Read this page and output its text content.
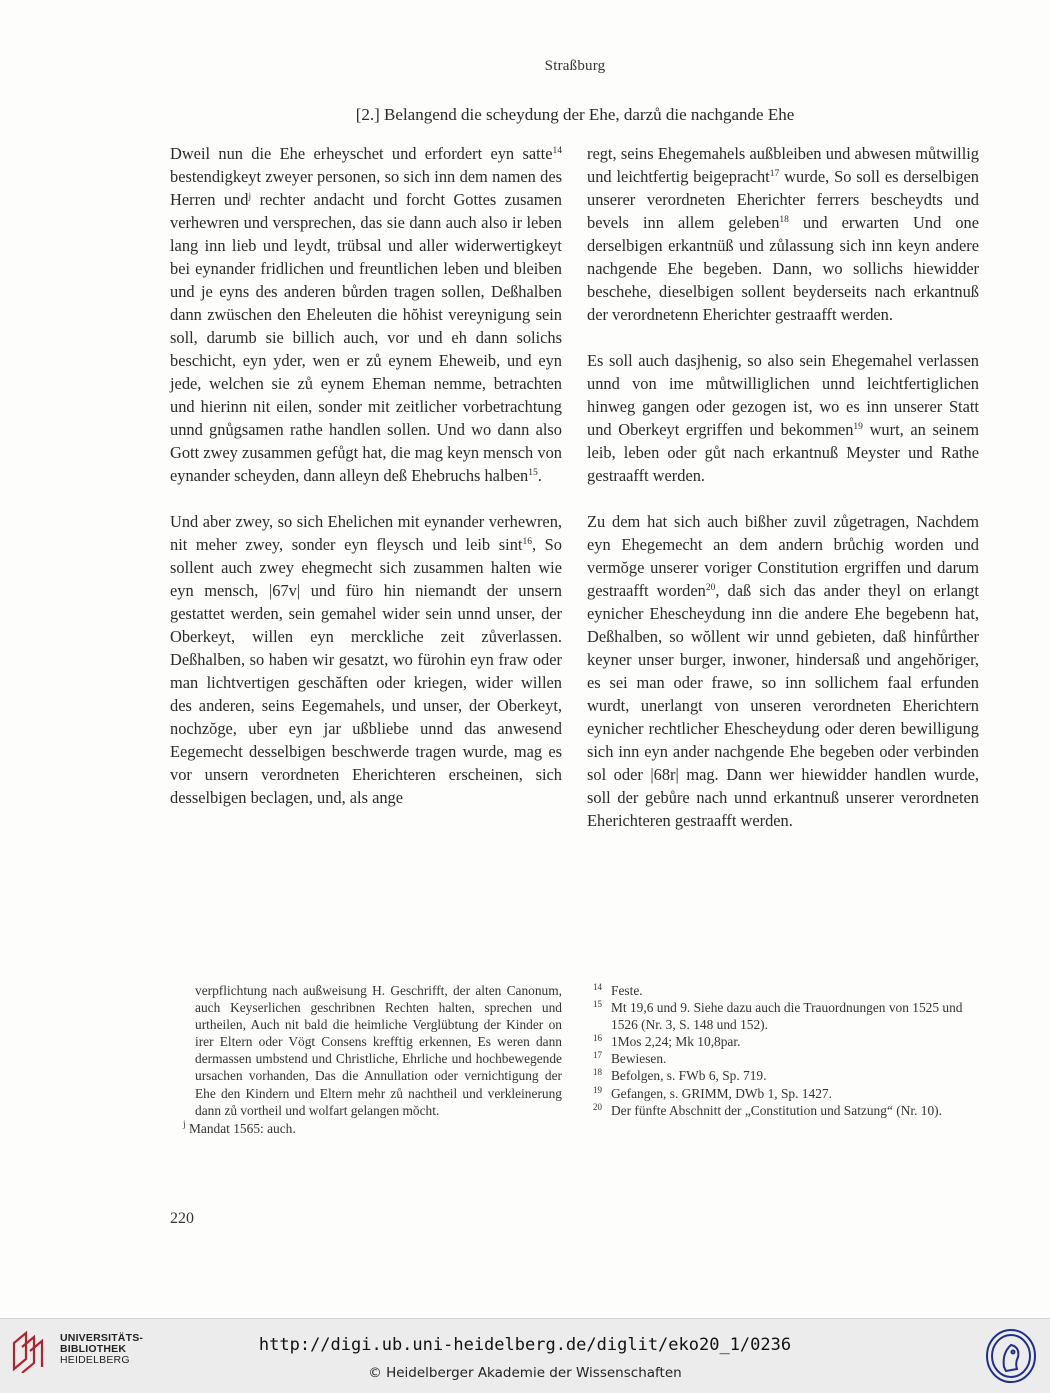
Straßburg
[2.] Belangend die scheydung der Ehe, darzů die nachgande Ehe

Dweil nun die Ehe erheyschet und erfordert eyn satte$^{14}$ bestendigkeyt zweyer personen, so sich inn dem namen des Herren und$^j$ rechter andacht und forcht Gottes zusamen verhewren und versprechen, das sie dann auch also ir leben lang inn lieb und leydt, trübsal und aller widerwertigkeyt bei eynander fridlichen und freuntlichen leben und bleiben und je eyns des anderen bůrden tragen sollen, Deßhalben dann zwüschen den Eheleuten die hŏhist vereynigung sein soll, darumb sie billich auch, vor und eh dann solichs beschicht, eyn yder, wen er zů eynem Eheweib, und eyn jede, welchen sie zů eynem Eheman nemme, betrachten und hierinn nit eilen, sonder mit zeitlicher vorbetrachtung unnd gnůgsamen rathe handlen sollen. Und wo dann also Gott zwey zusammen gefůgt hat, die mag keyn mensch von eynander scheyden, dann alleyn deß Ehebruchs halben$^{15}$.

Und aber zwey, so sich Ehelichen mit eynander verhewren, nit meher zwey, sonder eyn fleysch und leib sint$^{16}$, So sollent auch zwey ehegmecht sich zusammen halten wie eyn mensch, |67v| und füro hin niemandt der unsern gestattet werden, sein gemahel wider sein unnd unser, der Oberkeyt, willen eyn merckliche zeit zůverlassen. Deßhalben, so haben wir gesatzt, wo fürohin eyn fraw oder man lichtvertigen geschăften oder kriegen, wider willen des anderen, seins Eegemahels, und unser, der Oberkeyt, nochzŏge, uber eyn jar ußbliebe unnd das anwesend Eegemecht desselbigen beschwerde tragen wurde, mag es vor unsern verordneten Eherichteren erscheinen, sich desselbigen beclagen, und, als ange

regt, seins Ehegemahels außbleiben und abwesen můtwillig und leichtfertig beigepracht$^{17}$ wurde, So soll es derselbigen unserer verordneten Eherichter ferrers bescheydts und bevels inn allem geleben$^{18}$ und erwarten Und one derselbigen erkantnüß und zůlassung sich inn keyn andere nachgende Ehe begeben. Dann, wo sollichs hiewidder beschehe, dieselbigen sollent beyderseits nach erkantnuß der verordnetenn Eherichter gestraafft werden.

Es soll auch dasjhenig, so also sein Ehegemahel verlassen unnd von ime můtwilliglichen unnd leichtfertiglichen hinweg gangen oder gezogen ist, wo es inn unserer Statt und Oberkeyt ergriffen und bekommen$^{19}$ wurt, an seinem leib, leben oder gůt nach erkantnuß Meyster und Rathe gestraafft werden.

Zu dem hat sich auch bißher zuvil zůgetragen, Nachdem eyn Ehegemecht an dem andern brůchig worden und vermŏge unserer voriger Constitution ergriffen und darum gestraafft worden$^{20}$, daß sich das ander theyl on erlangt eynicher Ehescheydung inn die andere Ehe begebenn hat, Deßhalben, so wŏllent wir unnd gebieten, daß hinfůrther keyner unser burger, inwoner, hindersaß und angehŏriger, es sei man oder frawe, so inn sollichem faal erfunden wurdt, unerlangt von unseren verordneten Eherichtern eynicher rechtlicher Ehescheydung oder deren bewilligung sich inn eyn ander nachgende Ehe begeben oder verbinden sol oder |68r| mag. Dann wer hiewidder handlen wurde, soll der gebůre nach unnd erkantnuß unserer verordneten Eherichteren gestraafft werden.

verpflichtung nach außweisung H. Geschrifft, der alten Canonum, auch Keyserlichen geschribnen Rechten halten, sprechen und urtheilen, Auch nit bald die heimliche Verglübtung der Kinder on irer Eltern oder Vögt Consens krefftig erkennen, Es weren dann dermassen umbstend und Christliche, Ehrliche und hochbewegende ursachen vorhanden, Das die Annullation oder vernichtigung der Ehe den Kindern und Eltern mehr zů nachtheil und verkleinerung dann zů vortheil und wolfart gelangen mŏcht.
$^j$ Mandat 1565: auch.
14 Feste.
15 Mt 19,6 und 9. Siehe dazu auch die Trauordnungen von 1525 und 1526 (Nr. 3, S. 148 und 152).
16 1Mos 2,24; Mk 10,8par.
17 Bewiesen.
18 Befolgen, s. FWb 6, Sp. 719.
19 Gefangen, s. GRIMM, DWb 1, Sp. 1427.
20 Der fünfte Abschnitt der „Constitution und Satzung“ (Nr. 10).
220
UNIVERSITÄTS-
BIBLIOTHEK
HEIDELBERG
http://digi.ub.uni-heidelberg.de/diglit/eko20_1/0236
© Heidelberger Akademie der Wissenschaften
